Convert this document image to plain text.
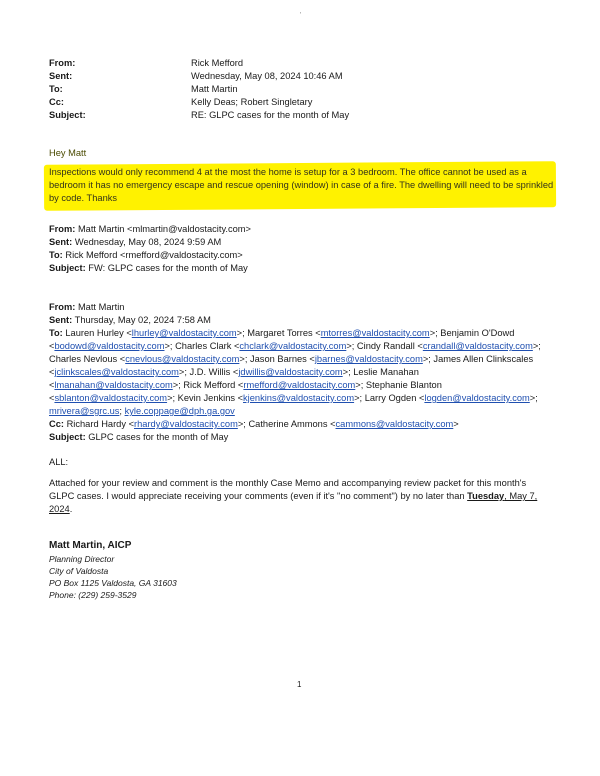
'
From:	Rick Mefford
Sent:	Wednesday, May 08, 2024 10:46 AM
To:	Matt Martin
Cc:	Kelly Deas; Robert Singletary
Subject:	RE: GLPC cases for the month of May
Hey Matt
Inspections would only recommend 4 at the most the home is setup for a 3 bedroom. The office cannot be used as a bedroom it has no emergency escape and rescue opening (window) in case of a fire. The dwelling will need to be sprinkled by code. Thanks
From: Matt Martin <mlmartin@valdostacity.com>
Sent: Wednesday, May 08, 2024 9:59 AM
To: Rick Mefford <rmefford@valdostacity.com>
Subject: FW: GLPC cases for the month of May
From: Matt Martin
Sent: Thursday, May 02, 2024 7:58 AM
To: Lauren Hurley <lhurley@valdostacity.com>; Margaret Torres <mtorres@valdostacity.com>; Benjamin O'Dowd
<bodowd@valdostacity.com>; Charles Clark <chclark@valdostacity.com>; Cindy Randall <crandall@valdostacity.com>;
Charles Nevlous <cnevlous@valdostacity.com>; Jason Barnes <jbarnes@valdostacity.com>; James Allen Clinkscales
<jclinkscales@valdostacity.com>; J.D. Willis <jdwillis@valdostacity.com>; Leslie Manahan
<lmanahan@valdostacity.com>; Rick Mefford <rmefford@valdostacity.com>; Stephanie Blanton
<sblanton@valdostacity.com>; Kevin Jenkins <kjenkins@valdostacity.com>; Larry Ogden <logden@valdostacity.com>;
mrivera@sgrc.us; kyle.coppage@dph.ga.gov
Cc: Richard Hardy <rhardy@valdostacity.com>; Catherine Ammons <cammons@valdostacity.com>
Subject: GLPC cases for the month of May
ALL:
Attached for your review and comment is the monthly Case Memo and accompanying review packet for this month's
GLPC cases. I would appreciate receiving your comments (even if it's "no comment") by no later than Tuesday, May 7,
2024.
Matt Martin, AICP
Planning Director
City of Valdosta
PO Box 1125 Valdosta, GA 31603
Phone: (229) 259-3529
1
